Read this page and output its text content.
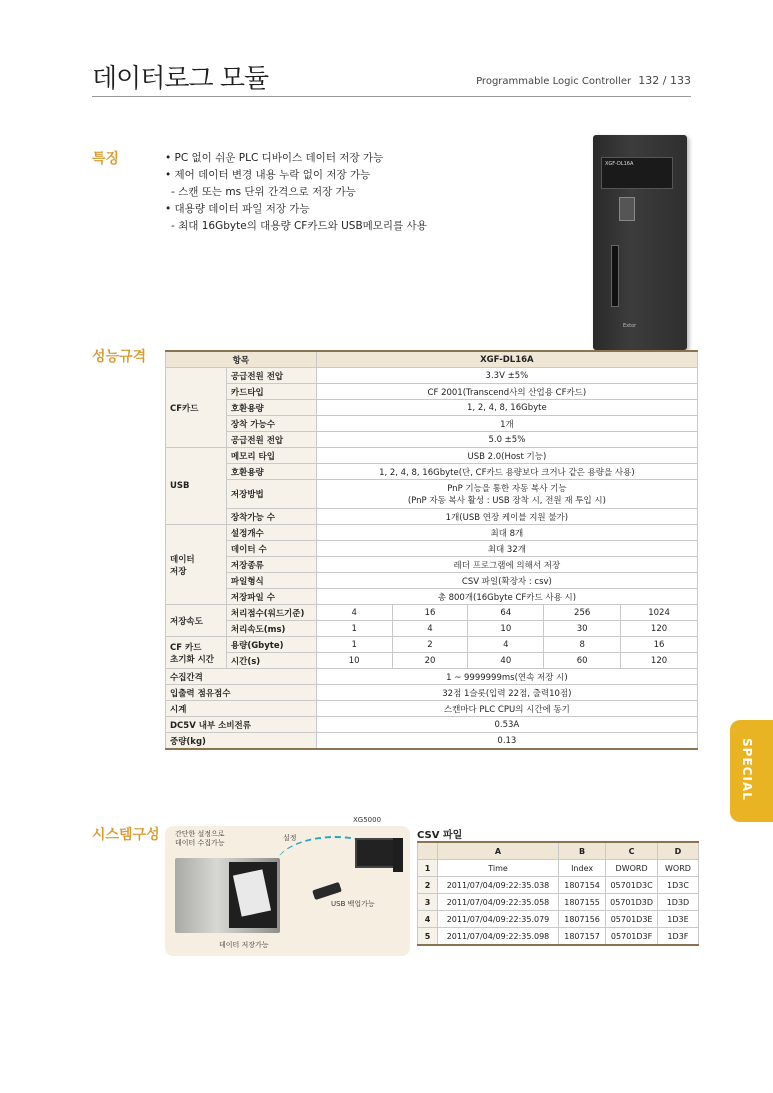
데이터로그 모듈	Programmable Logic Controller 132 / 133
특징	• PC 없이 쉬운 PLC 디바이스 데이터 저장 가능
• 제어 데이터 변경 내용 누락 없이 저장 가능
- 스캔 또는 ms 단위 간격으로 저장 가능
• 대용량 데이터 파일 저장 가능
- 최대 16Gbyte의 대용량 CF카드와 USB메모리를 사용
XGF-DL16A
Extor
성능규격	항목		XGF-DL16A				
CF카드	공급전원 전압	3.3V ±5%				
	카드타입	CF 2001(Transcend사의 산업용 CF카드)				
	호환용량	1, 2, 4, 8, 16Gbyte				
	장착 가능수	1개				
	공급전원 전압	5.0 ±5%				
USB	메모리 타입	USB 2.0(Host 기능)				
	호환용량	1, 2, 4, 8, 16Gbyte(단, CF카드 용량보다 크거나 같은 용량을 사용)				
	저장방법	PnP 기능을 통한 자동 복사 기능
(PnP 자동 복사 활성 : USB 장착 시, 전원 재 투입 시)				

	장착가능 수	1개(USB 연장 케이블 지원 불가)				

데이터
저장	설정개수	최대 8개				
	데이터 수	최대 32개				
	저장종류	레더 프로그램에 의해서 저장				
	파일형식	CSV 파일(확장자 : csv)				
	저장파일 수	총 800개(16Gbyte CF카드 사용 시)				
저장속도	처리점수(워드기준)	4	16	64	256	1024
	처리속도(ms)	1	4	10	30	120

CF 카드
초기화 시간	용량(Gbyte)	1	2	4	8	16
	시간(s)	10	20	40	60	120
수집간격		1 ~ 9999999ms(연속 저장 시)				
입출력 점유점수		32점 1슬롯(입력 22점, 출력10점)				
시계		스캔마다 PLC CPU의 시간에 동기				
DC5V 내부 소비전류		0.53A				
중량(kg)		0.13					SPECIAL
시스템구성 간단한 설정으로
데이터 수집가능
설정
XG5000
USB 백업가능
데이터 저장가능
CSV 파일
	A	B	C	D
1	Time	Index	DWORD	WORD
2	2011/07/04/09:22:35.038	1807154	05701D3C	1D3C
3	2011/07/04/09:22:35.058	1807155	05701D3D	1D3D
4	2011/07/04/09:22:35.079	1807156	05701D3E	1D3E
5	2011/07/04/09:22:35.098	1807157	05701D3F	1D3F
